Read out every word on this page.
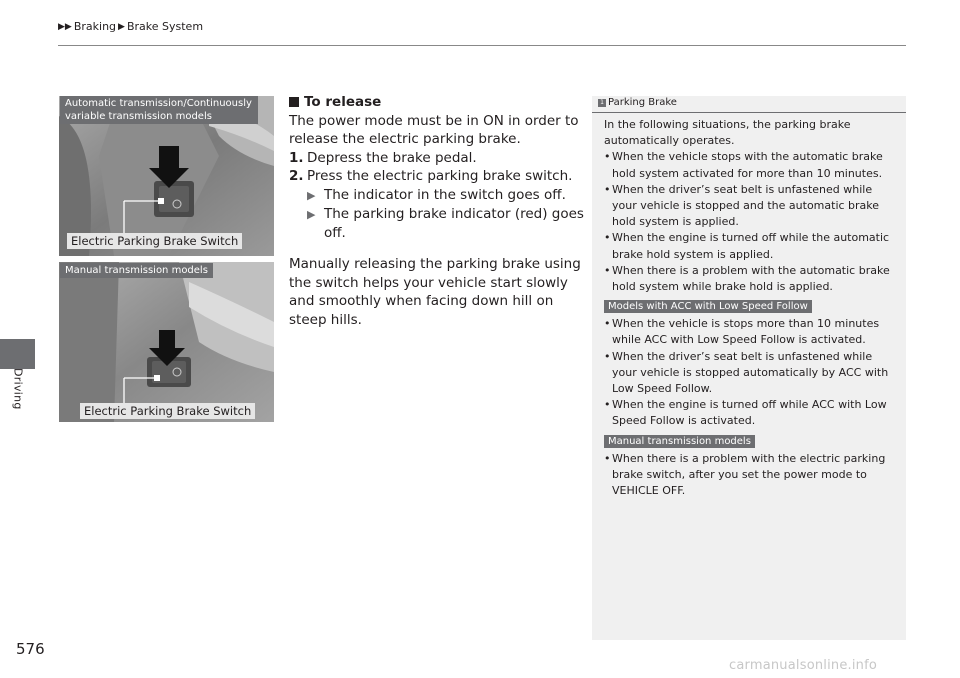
▶▶ Braking ▶ Brake System
Driving
Automatic transmission/Continuously variable transmission models
Electric Parking Brake Switch
Manual transmission models
Electric Parking Brake Switch
To release
The power mode must be in ON in order to release the electric parking brake.
1. Depress the brake pedal.
2. Press the electric parking brake switch.
▶ The indicator in the switch goes off.
▶ The parking brake indicator (red) goes off.
Manually releasing the parking brake using the switch helps your vehicle start slowly and smoothly when facing down hill on steep hills.
1 Parking Brake
In the following situations, the parking brake automatically operates.
• When the vehicle stops with the automatic brake hold system activated for more than 10 minutes.
• When the driver’s seat belt is unfastened while your vehicle is stopped and the automatic brake hold system is applied.
• When the engine is turned off while the automatic brake hold system is applied.
• When there is a problem with the automatic brake hold system while brake hold is applied.
Models with ACC with Low Speed Follow
• When the vehicle is stops more than 10 minutes while ACC with Low Speed Follow is activated.
• When the driver’s seat belt is unfastened while your vehicle is stopped automatically by ACC with Low Speed Follow.
• When the engine is turned off while ACC with Low Speed Follow is activated.
Manual transmission models
• When there is a problem with the electric parking brake switch, after you set the power mode to VEHICLE OFF.
576
carmanualsonline.info
